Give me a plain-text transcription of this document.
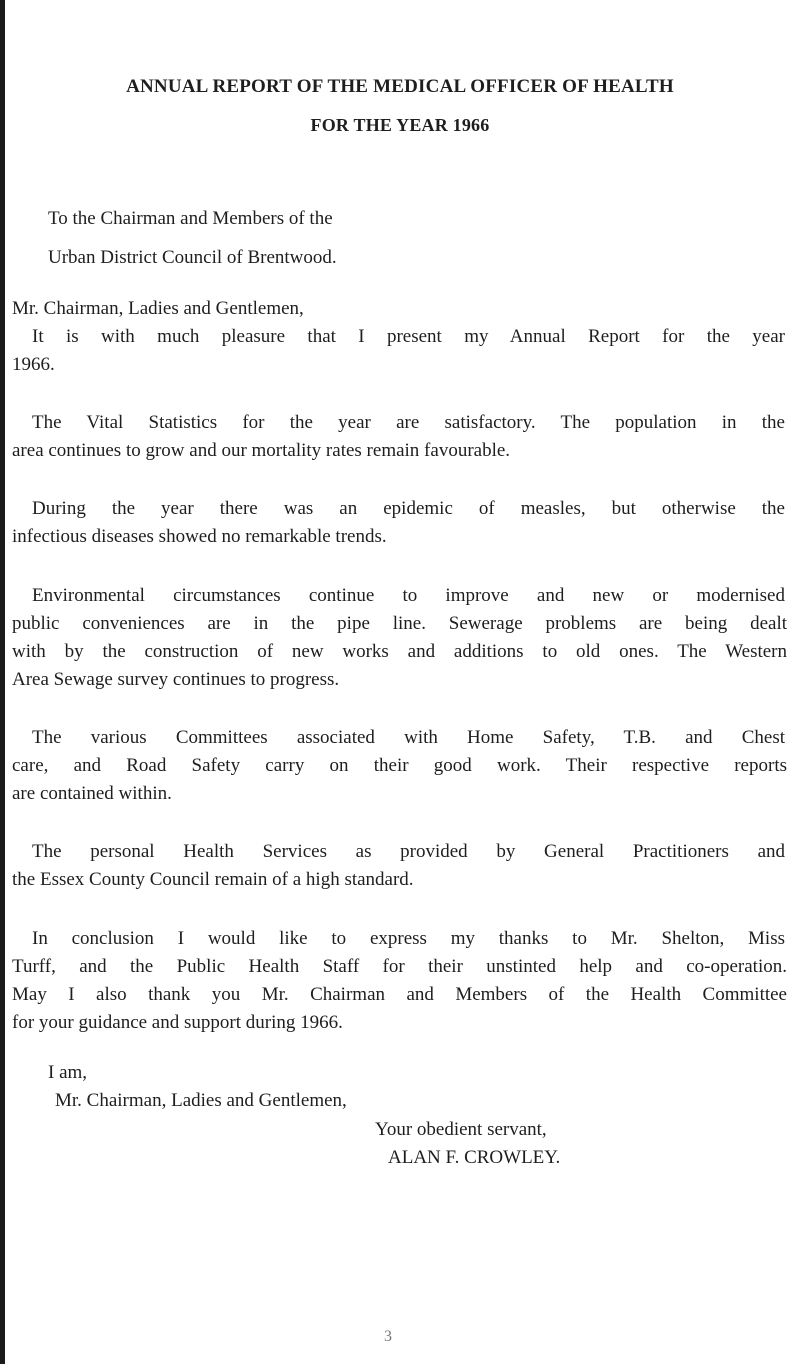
ANNUAL REPORT OF THE MEDICAL OFFICER OF HEALTH
FOR THE YEAR 1966
To the Chairman and Members of the
Urban District Council of Brentwood.
Mr. Chairman, Ladies and Gentlemen,
It is with much pleasure that I present my Annual Report for the year
1966.
The Vital Statistics for the year are satisfactory. The population in the
area continues to grow and our mortality rates remain favourable.
During the year there was an epidemic of measles, but otherwise the
infectious diseases showed no remarkable trends.
Environmental circumstances continue to improve and new or modernised
public conveniences are in the pipe line. Sewerage problems are being dealt
with by the construction of new works and additions to old ones. The Western
Area Sewage survey continues to progress.
The various Committees associated with Home Safety, T.B. and Chest
care, and Road Safety carry on their good work. Their respective reports
are contained within.
The personal Health Services as provided by General Practitioners and
the Essex County Council remain of a high standard.
In conclusion I would like to express my thanks to Mr. Shelton, Miss
Turff, and the Public Health Staff for their unstinted help and co-operation.
May I also thank you Mr. Chairman and Members of the Health Committee
for your guidance and support during 1966.
I am,
Mr. Chairman, Ladies and Gentlemen,
Your obedient servant,
ALAN F. CROWLEY.
3
